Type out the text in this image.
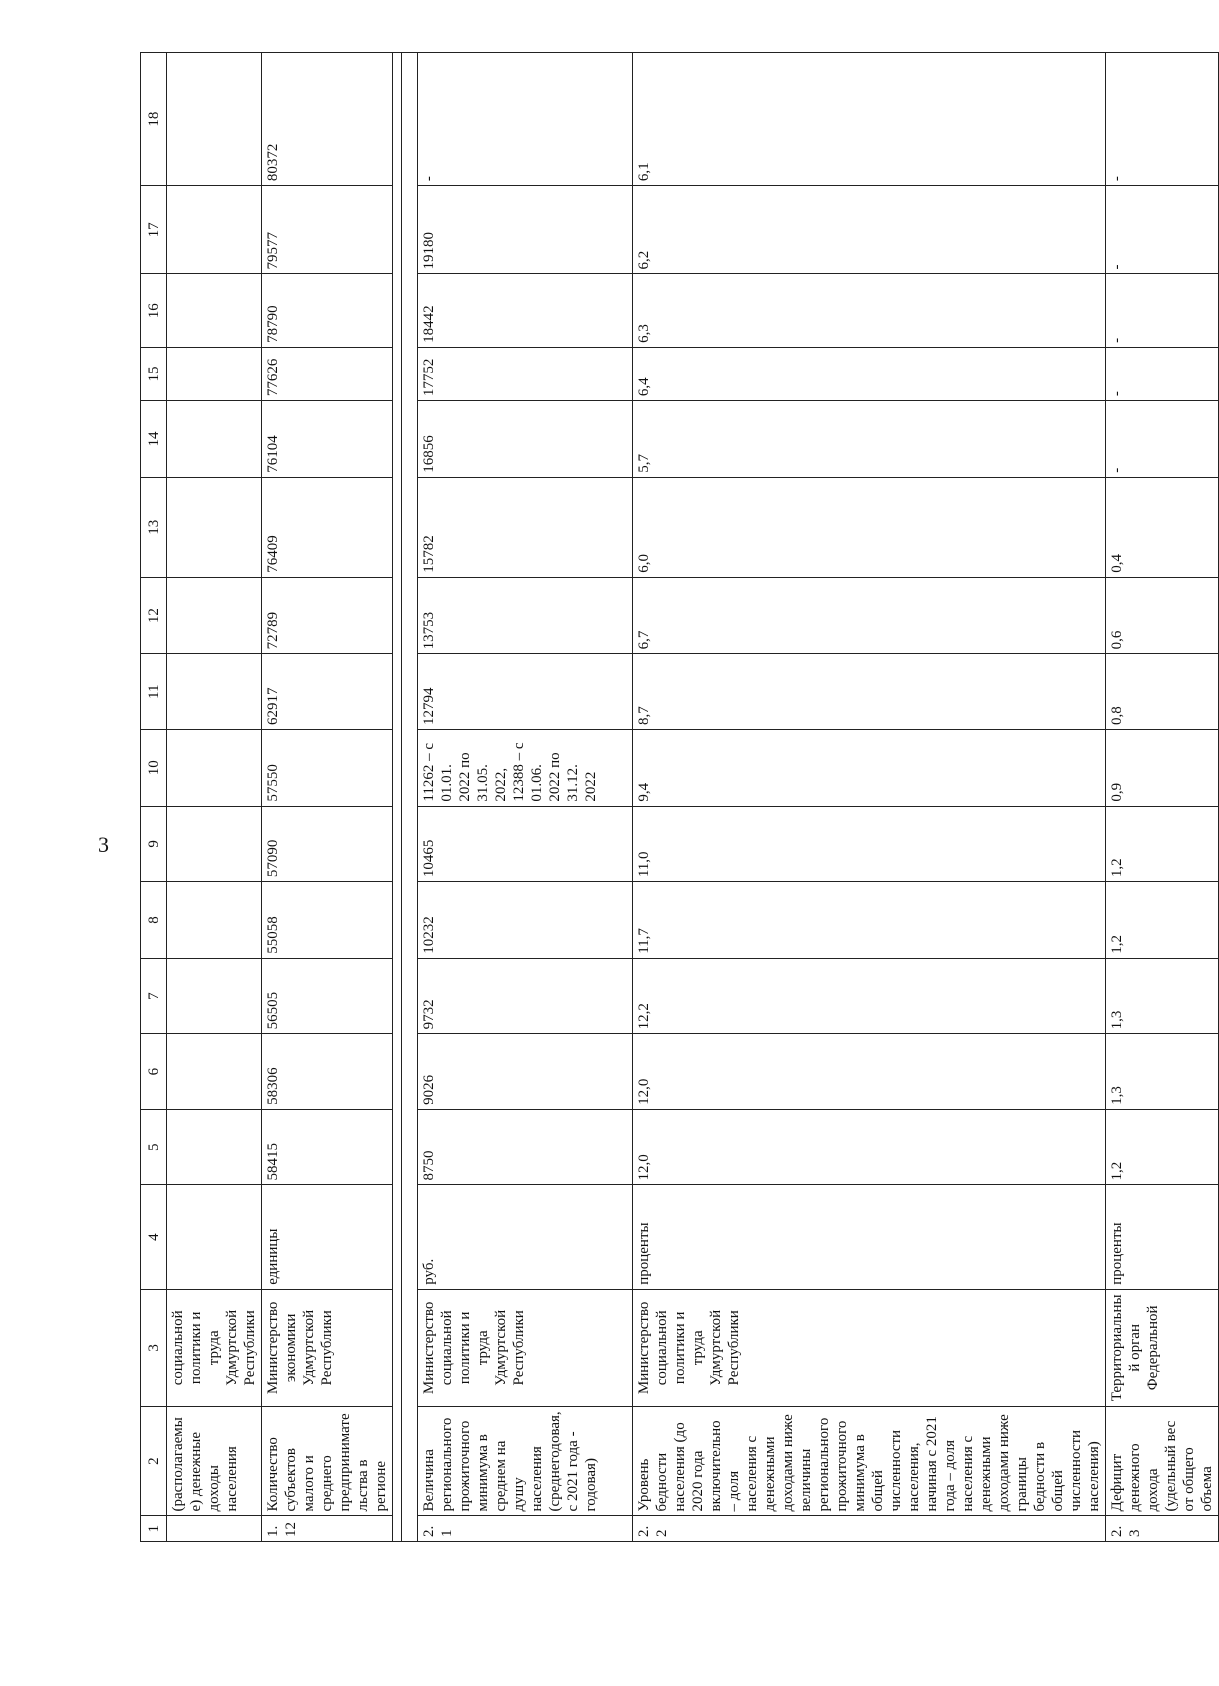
3
1	2	3	4	5	6	7	8	9	10	11	12	13	14	15	16	17	18
	(располагаемые) денежные доходы населения	социальной политики и труда Удмуртской Республики															
1.12	Количество субъектов малого и среднего предпринимательства в регионе	Министерство экономики Удмуртской Республики	единицы	58415	58306	56505	55058	57090	57550	62917	72789	76409	76104	77626	78790	79577	80372

2.1	Величина регионального прожиточного минимума в среднем на душу населения (среднегодовая, с 2021 года - годовая)	Министерство социальной политики и труда Удмуртской Республики	руб.	8750	9026	9732	10232	10465	11262 – с 01.01. 2022 по 31.05. 2022, 12388 – с 01.06. 2022 по 31.12. 2022	12794	13753	15782	16856	17752	18442	19180	-
2.2	Уровень бедности населения (до 2020 года включительно – доля населения с денежными доходами ниже величины регионального прожиточного минимума в общей численности населения, начиная с 2021 года – доля населения с денежными доходами ниже границы бедности в общей численности населения)	Министерство социальной политики и труда Удмуртской Республики	проценты	12,0	12,0	12,2	11,7	11,0	9,4	8,7	6,7	6,0	5,7	6,4	6,3	6,2	6,1
2.3	Дефицит денежного дохода (удельный вес от общего объема	Территориальный орган Федеральной	проценты	1,2	1,3	1,3	1,2	1,2	0,9	0,8	0,6	0,4	-	-	-	-	-
